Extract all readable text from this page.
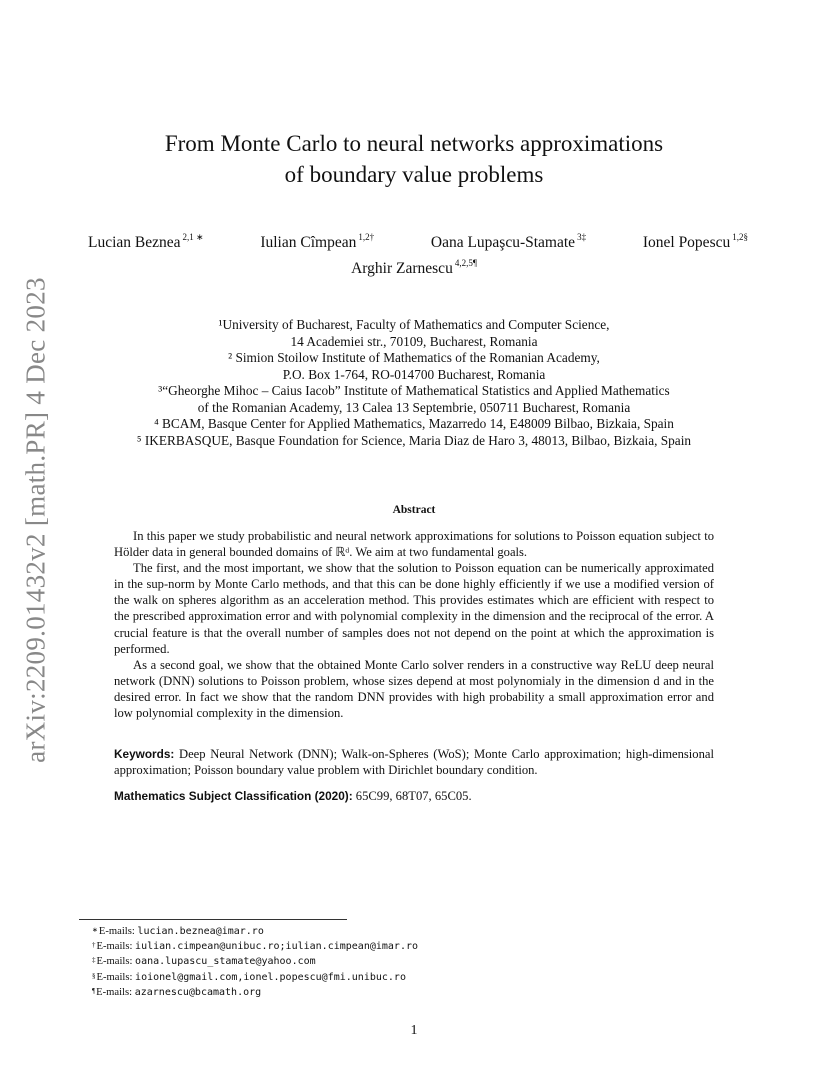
arXiv:2209.01432v2 [math.PR] 4 Dec 2023
From Monte Carlo to neural networks approximations
of boundary value problems
Lucian Beznea $^{2,1 ∗}$	Iulian Cîmpean $^{1,2\dagger}$	Oana Lupaşcu-Stamate $^{3\ddagger}$	Ionel Popescu $^{1,2\S}$
Arghir Zarnescu $^{4,2,5\P}$
¹University of Bucharest, Faculty of Mathematics and Computer Science,
14 Academiei str., 70109, Bucharest, Romania
² Simion Stoilow Institute of Mathematics of the Romanian Academy,
P.O. Box 1-764, RO-014700 Bucharest, Romania
³“Gheorghe Mihoc – Caius Iacob” Institute of Mathematical Statistics and Applied Mathematics
of the Romanian Academy, 13 Calea 13 Septembrie, 050711 Bucharest, Romania
⁴ BCAM, Basque Center for Applied Mathematics, Mazarredo 14, E48009 Bilbao, Bizkaia, Spain
⁵ IKERBASQUE, Basque Foundation for Science, Maria Diaz de Haro 3, 48013, Bilbao, Bizkaia, Spain
Abstract

In this paper we study probabilistic and neural network approximations for solutions to Poisson equation subject to Hölder data in general bounded domains of ℝᵈ. We aim at two fundamental goals.

The first, and the most important, we show that the solution to Poisson equation can be numerically approximated in the sup-norm by Monte Carlo methods, and that this can be done highly efficiently if we use a modified version of the walk on spheres algorithm as an acceleration method. This provides estimates which are efficient with respect to the prescribed approximation error and with polynomial complexity in the dimension and the reciprocal of the error. A crucial feature is that the overall number of samples does not not depend on the point at which the approximation is performed.

As a second goal, we show that the obtained Monte Carlo solver renders in a constructive way ReLU deep neural network (DNN) solutions to Poisson problem, whose sizes depend at most polynomialy in the dimension d and in the desired error. In fact we show that the random DNN provides with high probability a small approximation error and low polynomial complexity in the dimension.

Keywords: Deep Neural Network (DNN); Walk-on-Spheres (WoS); Monte Carlo approximation; high-dimensional approximation; Poisson boundary value problem with Dirichlet boundary condition.
Mathematics Subject Classification (2020): 65C99, 68T07, 65C05.
∗E-mails: lucian.beznea@imar.ro
†E-mails: iulian.cimpean@unibuc.ro;iulian.cimpean@imar.ro
‡E-mails: oana.lupascu_stamate@yahoo.com
§E-mails: ioionel@gmail.com,ionel.popescu@fmi.unibuc.ro
¶E-mails: azarnescu@bcamath.org
1
